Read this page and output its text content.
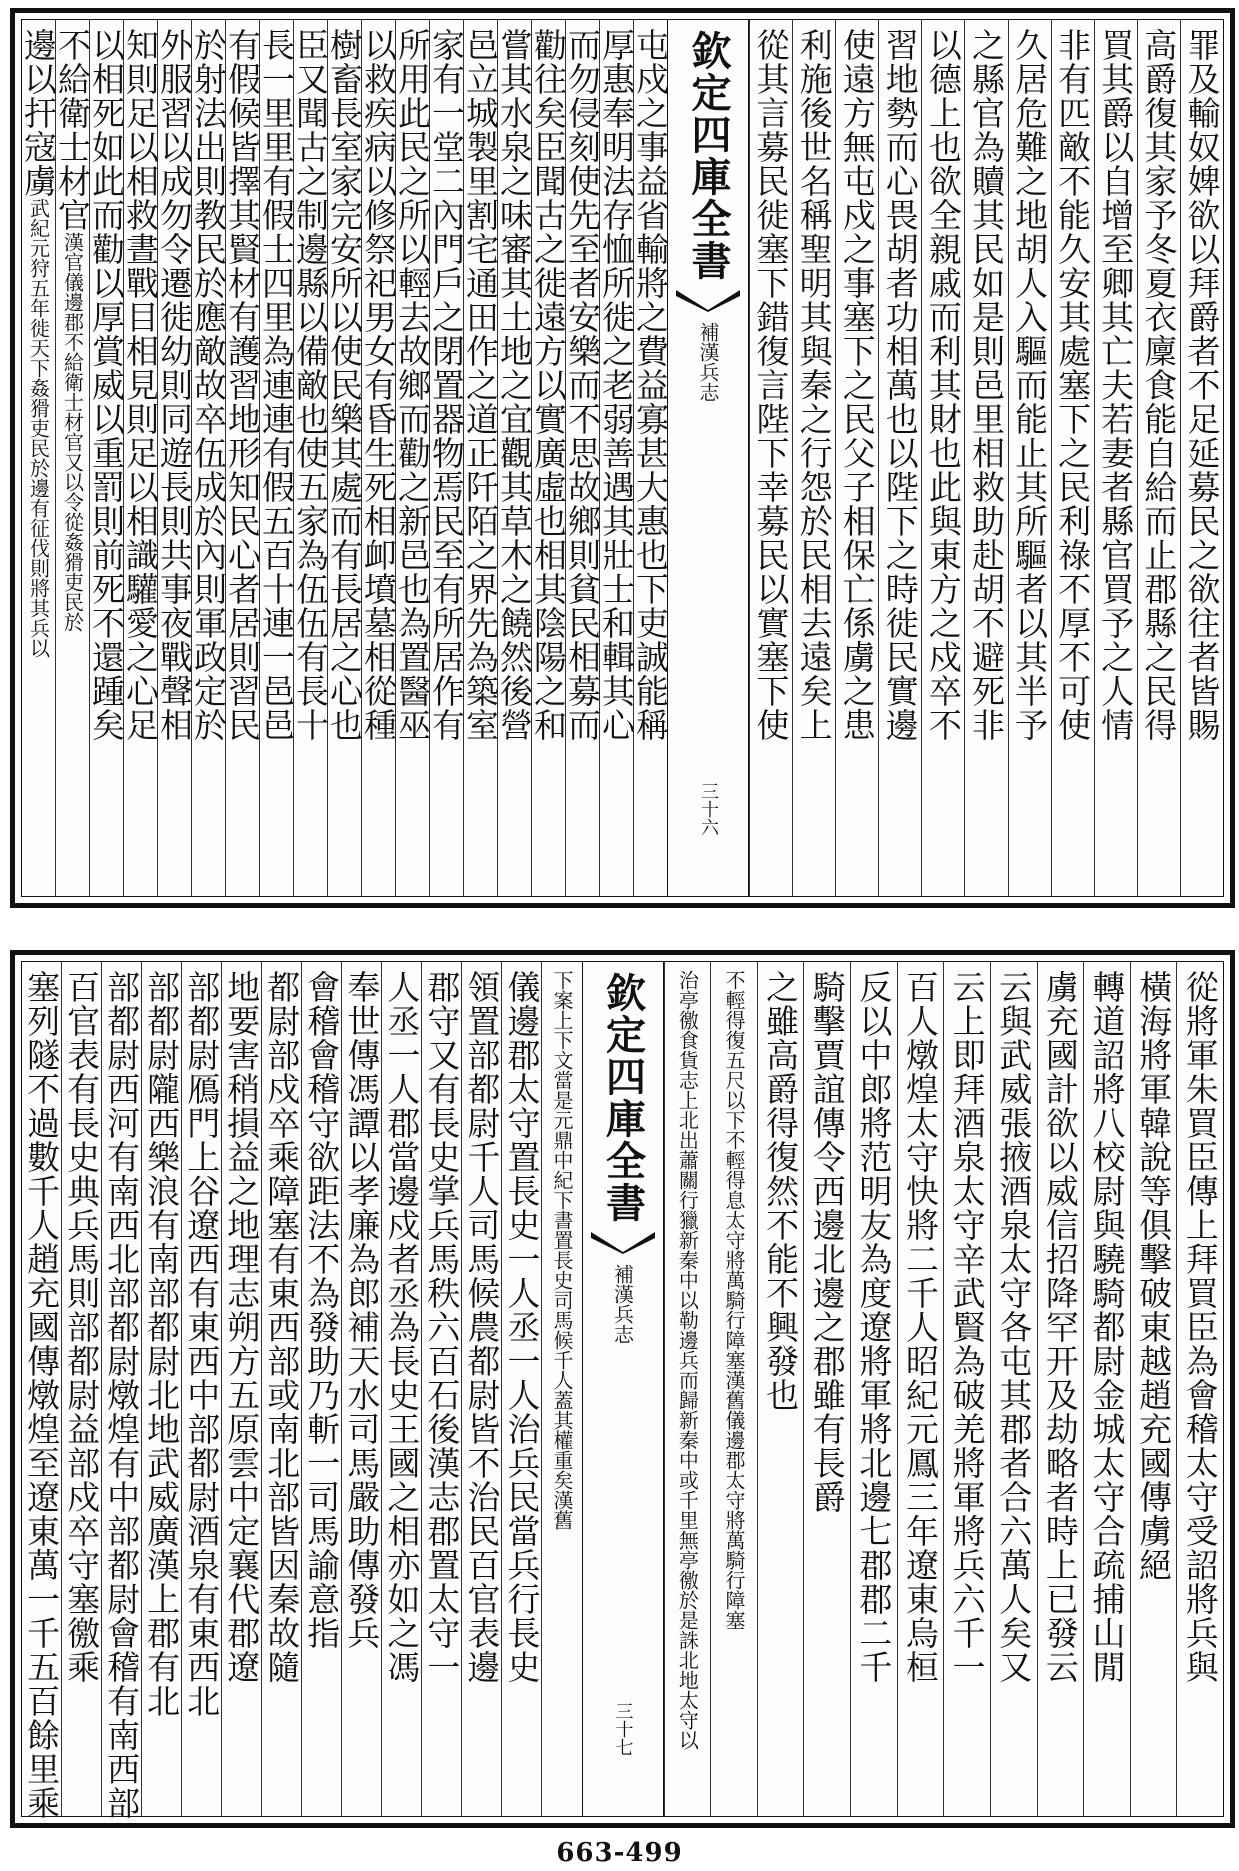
罪及輸奴婢欲以拜爵者不足延募民之欲往者皆賜
高爵復其家予冬夏衣廩食能自給而止郡縣之民得
買其爵以自增至卿其亡夫若妻者縣官買予之人情
非有匹敵不能久安其處塞下之民利祿不厚不可使
久居危難之地胡人入驅而能止其所驅者以其半予
之縣官為贖其民如是則邑里相救助赴胡不避死非
以德上也欲全親戚而利其財也此與東方之戍卒不
習地勢而心畏胡者功相萬也以陛下之時徙民實邊
使遠方無屯戍之事塞下之民父子相保亡係虜之患
利施後世名稱聖明其與秦之行怨於民相去遠矣上
從其言募民徙塞下錯復言陛下幸募民以實塞下使
欽定四庫全書
補漢兵志
三十六
屯戍之事益省輸將之費益寡甚大惠也下吏誠能稱
厚惠奉明法存恤所徙之老弱善遇其壯士和輯其心
而勿侵刻使先至者安樂而不思故鄉則貧民相募而
勸往矣臣聞古之徙遠方以實廣虛也相其陰陽之和
嘗其水泉之味審其土地之宜觀其草木之饒然後營
邑立城製里割宅通田作之道正阡陌之界先為築室
家有一堂二內門戶之閉置器物焉民至有所居作有
所用此民之所以輕去故鄉而勸之新邑也為置醫巫
以救疾病以修祭祀男女有昏生死相卹墳墓相從種
樹畜長室家完安所以使民樂其處而有長居之心也
臣又聞古之制邊縣以備敵也使五家為伍伍有長十
長一里里有假士四里為連連有假五百十連一邑邑
有假候皆擇其賢材有護習地形知民心者居則習民
於射法出則教民於應敵故卒伍成於內則軍政定於
外服習以成勿令遷徙幼則同遊長則共事夜戰聲相
知則足以相救晝戰目相見則足以相識驩愛之心足
以相死如此而勸以厚賞威以重罰則前死不還踵矣
不給衛士材官
漢官儀邊郡不給衛士材官又以令從姦猾吏民於
邊以扞寇虜
武紀元狩五年徙天下姦猾吏民於邊有征伐則將其兵以
從將軍朱買臣傳上拜買臣為會稽太守受詔將兵與
橫海將軍韓說等俱擊破東越趙充國傳虜絕
轉道詔將八校尉與驍騎都尉金城太守合疏捕山閒
虜充國計欲以威信招降罕开及劫略者時上已發云
云與武威張掖酒泉太守各屯其郡者合六萬人矣又
云上即拜酒泉太守辛武賢為破羌將軍將兵六千一
百人燉煌太守快將二千人昭紀元鳳三年遼東烏桓
反以中郎將范明友為度遼將軍將北邊七郡郡二千
騎擊賈誼傳令西邊北邊之郡雖有長爵
之雖高爵得復然不能不興發也
不輕得復五尺以下不輕得息太守將萬騎行障塞漢舊儀邊郡太守將萬騎行障塞
治亭徼食貨志上北出蕭關行獵新秦中以勒邊兵而歸新秦中或千里無亭徼於是誅北地太守以
欽定四庫全書
補漢兵志
三十七
下案上下文當是元鼎中紀下書置長史司馬候千人蓋其權重矣漢舊
儀邊郡太守置長史一人丞一人治兵民當兵行長史
領置部都尉千人司馬候農都尉皆不治民百官表邊
郡守又有長史掌兵馬秩六百石後漢志郡置太守一
人丞一人郡當邊戍者丞為長史王國之相亦如之馮
奉世傳馮譚以孝廉為郎補天水司馬嚴助傳發兵
會稽會稽守欲距法不為發助乃斬一司馬諭意指
都尉部戍卒乘障塞有東西部或南北部皆因秦故隨
地要害稍損益之地理志朔方五原雲中定襄代郡遼
部都尉鴈門上谷遼西有東西中部都尉酒泉有東西北
部都尉隴西樂浪有南部都尉北地武威廣漢上郡有北
部都尉西河有南西北部都尉燉煌有中部都尉會稽有南西部
百官表有長史典兵馬則部都尉益部戍卒守塞徼乘
塞列隧不過數千人趙充國傳燉煌至遼東萬一千五百餘里乘
663-499
